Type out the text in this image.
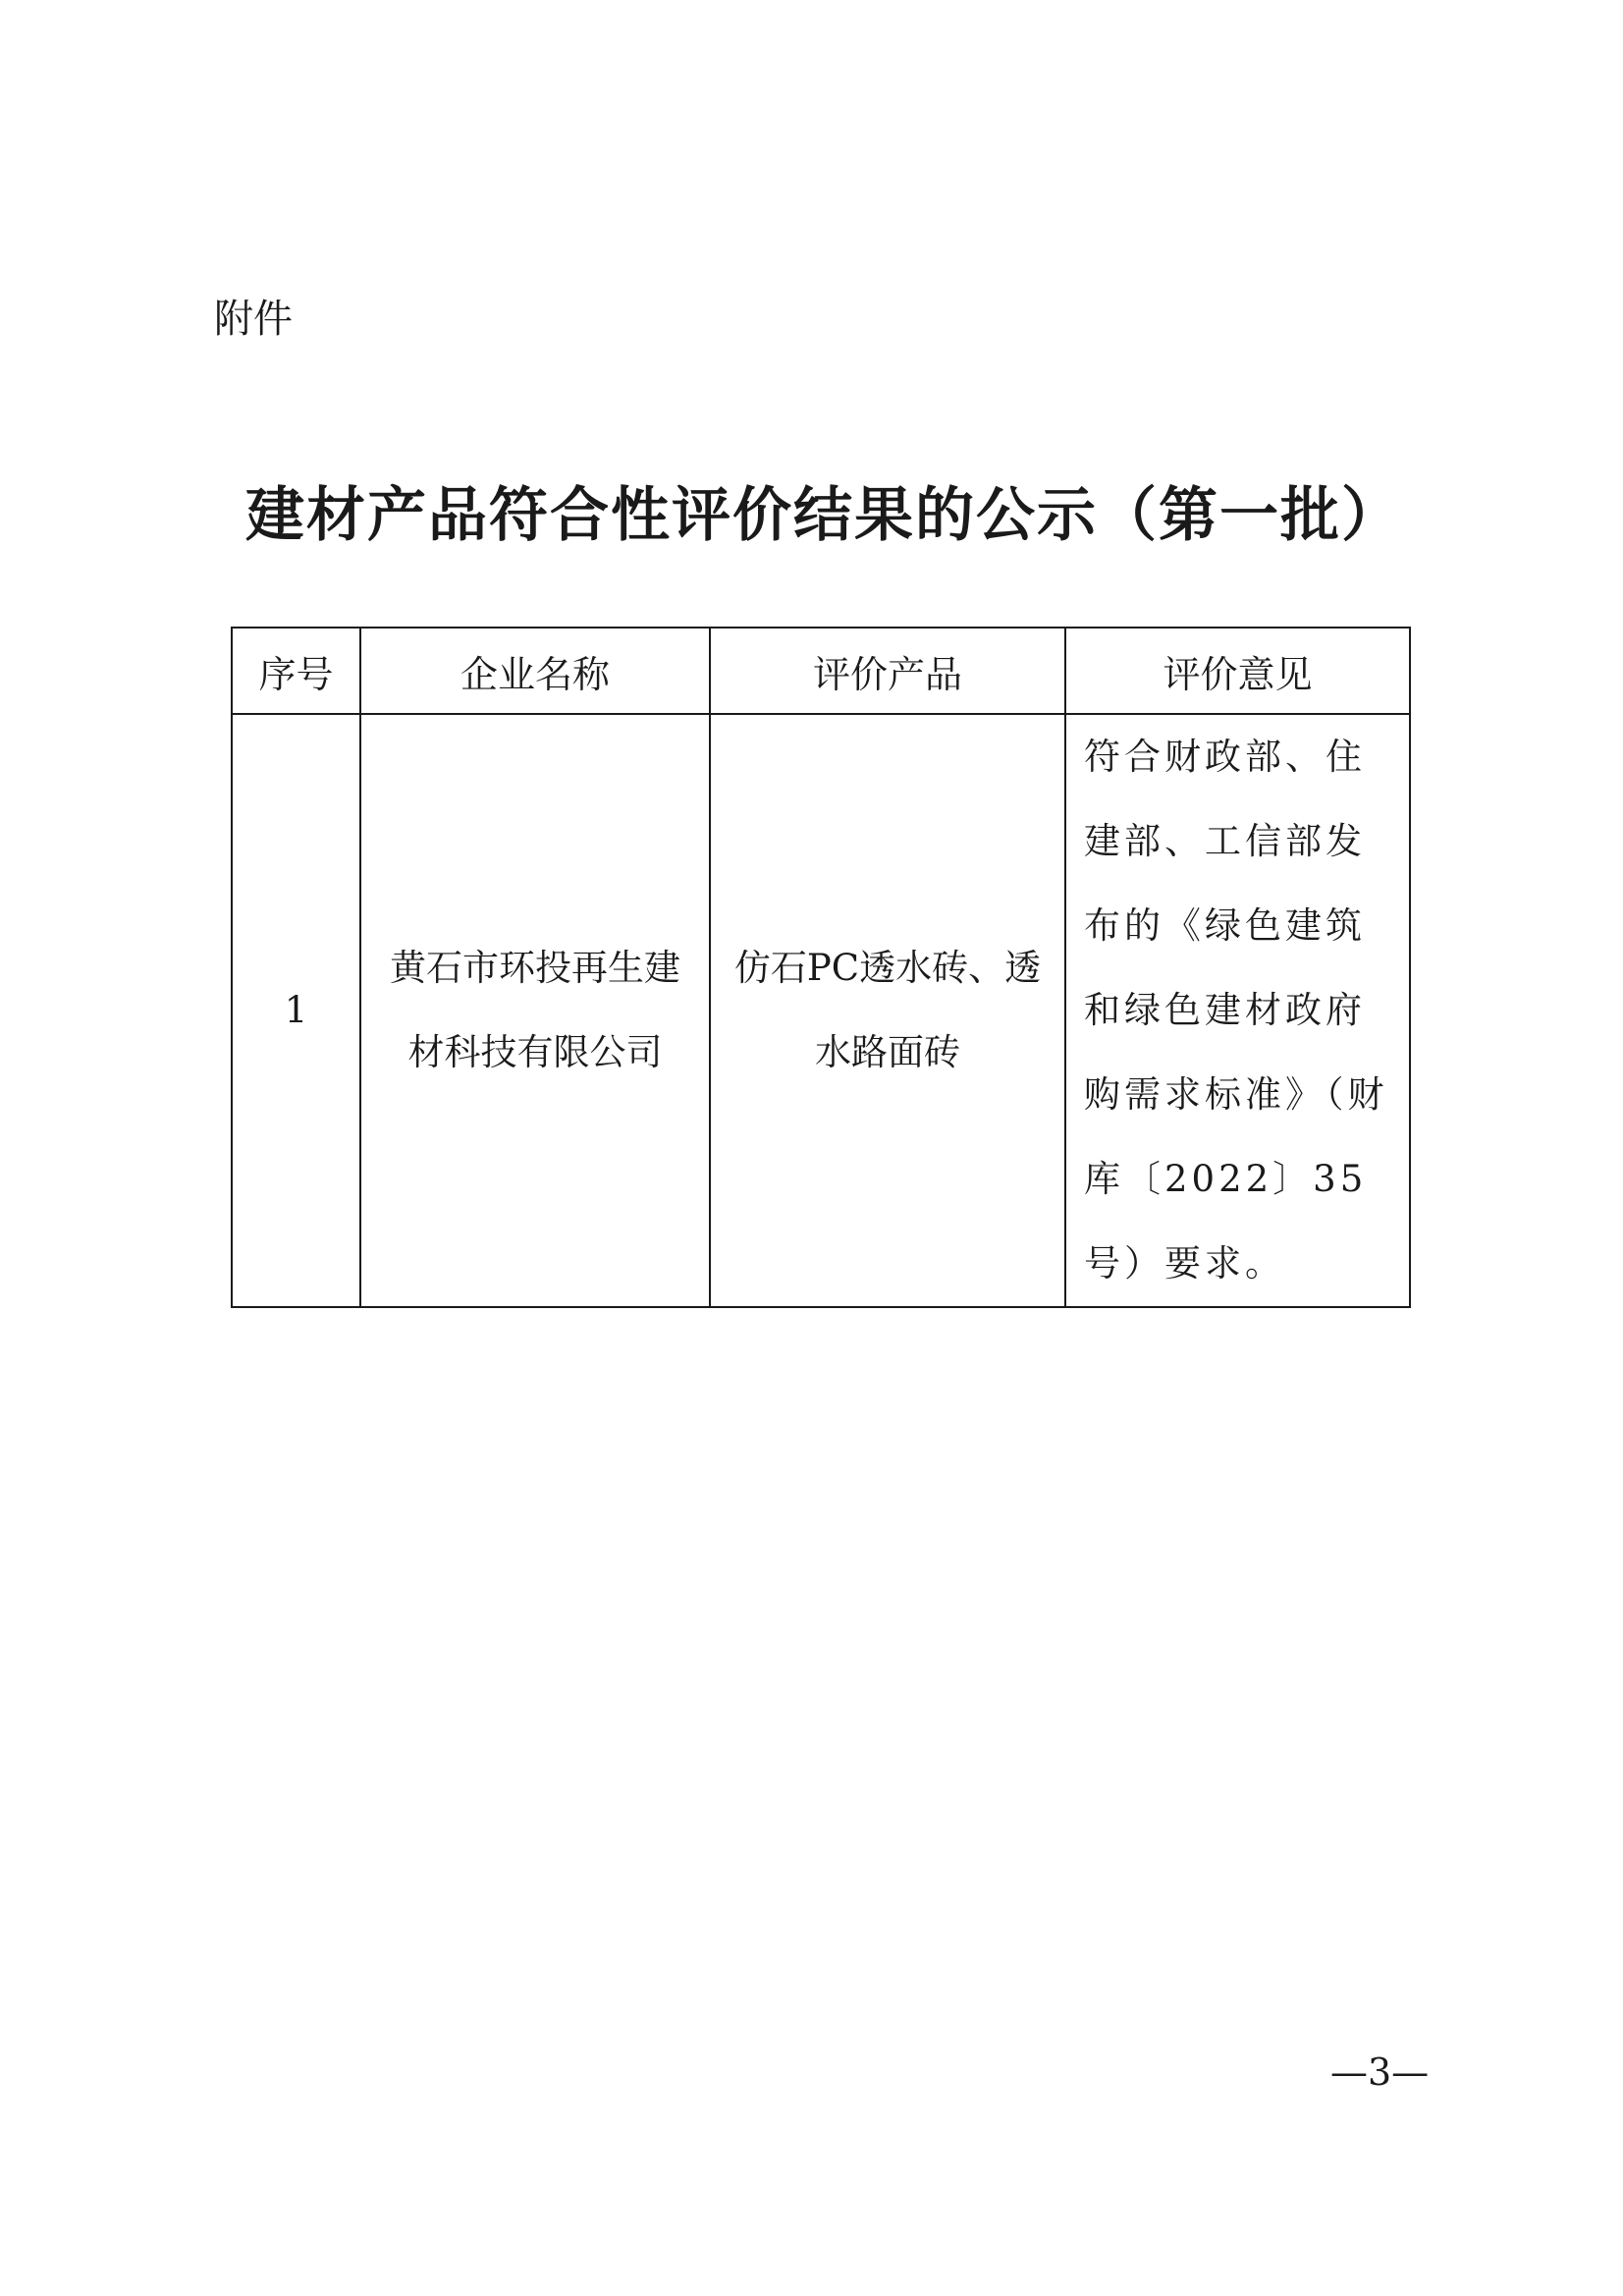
附件
建材产品符合性评价结果的公示（第一批）
序号	企业名称	评价产品	评价意见
1	黄石市环投再生建材科技有限公司	仿石PC透水砖、透水路面砖	符合财政部、住建部、工信部发布的《绿色建筑和绿色建材政府购需求标准》（财库〔2022〕35号）要求。
—3—
